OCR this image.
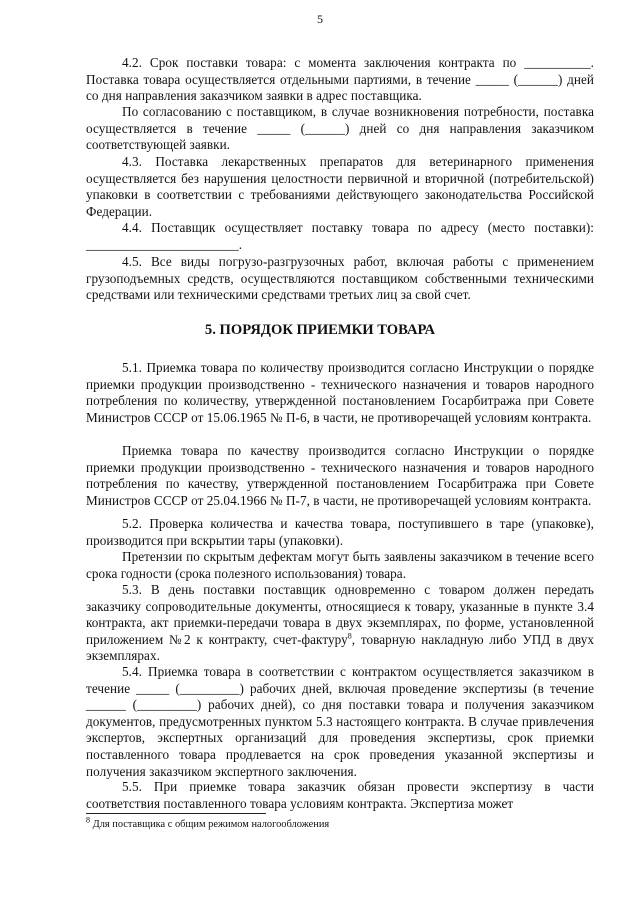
5
4.2. Срок поставки товара: с момента заключения контракта по __________. Поставка товара осуществляется отдельными партиями, в течение _____ (______) дней со дня направления заказчиком заявки в адрес поставщика.
По согласованию с поставщиком, в случае возникновения потребности, поставка осуществляется в течение _____ (______) дней со дня направления заказчиком соответствующей заявки.
4.3. Поставка лекарственных препаратов для ветеринарного применения осуществляется без нарушения целостности первичной и вторичной (потребительской) упаковки в соответствии с требованиями действующего законодательства Российской Федерации.
4.4. Поставщик осуществляет поставку товара по адресу (место поставки): _______________________.
4.5. Все виды погрузо-разгрузочных работ, включая работы с применением грузоподъемных средств, осуществляются поставщиком собственными техническими средствами или техническими средствами третьих лиц за свой счет.
5. ПОРЯДОК ПРИЕМКИ ТОВАРА
5.1. Приемка товара по количеству производится согласно Инструкции о порядке приемки продукции производственно - технического назначения и товаров народного потребления по количеству, утвержденной постановлением Госарбитража при Совете Министров СССР от 15.06.1965 № П-6, в части, не противоречащей условиям контракта.
Приемка товара по качеству производится согласно Инструкции о порядке приемки продукции производственно - технического назначения и товаров народного потребления по качеству, утвержденной постановлением Госарбитража при Совете Министров СССР от 25.04.1966 № П-7, в части, не противоречащей условиям контракта.
5.2. Проверка количества и качества товара, поступившего в таре (упаковке), производится при вскрытии тары (упаковки).
Претензии по скрытым дефектам могут быть заявлены заказчиком в течение всего срока годности (срока полезного использования) товара.
5.3. В день поставки поставщик одновременно с товаром должен передать заказчику сопроводительные документы, относящиеся к товару, указанные в пункте 3.4 контракта, акт приемки-передачи товара в двух экземплярах, по форме, установленной приложением №2 к контракту, счет-фактуру$^8$, товарную накладную либо УПД в двух экземплярах.
5.4. Приемка товара в соответствии с контрактом осуществляется заказчиком в течение _____ (_________) рабочих дней, включая проведение экспертизы (в течение ______ (_________) рабочих дней), со дня поставки товара и получения заказчиком документов, предусмотренных пунктом 5.3 настоящего контракта. В случае привлечения экспертов, экспертных организаций для проведения экспертизы, срок приемки поставленного товара продлевается на срок проведения указанной экспертизы и получения заказчиком экспертного заключения.
5.5. При приемке товара заказчик обязан провести экспертизу в части соответствия поставленного товара условиям контракта. Экспертиза может
$^8$ Для поставщика с общим режимом налогообложения
